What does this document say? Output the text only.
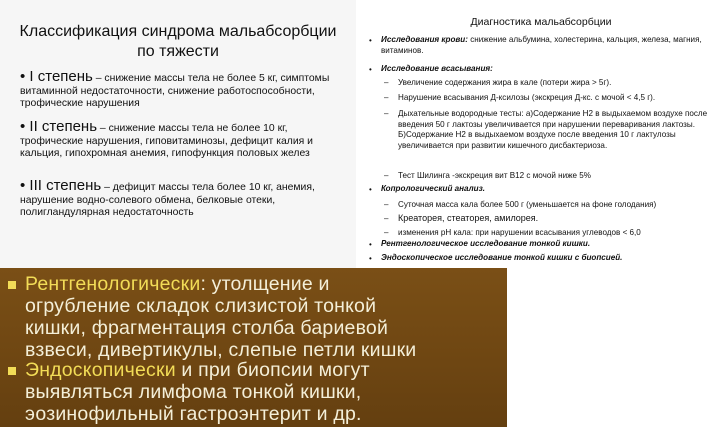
Классификация синдрома мальабсорбции
по тяжести
• I степень – снижение массы тела не более 5 кг, симптомы витаминной недостаточности, снижение работоспособности, трофические нарушения
• II степень – снижение массы тела не более 10 кг, трофические нарушения, гиповитаминозы, дефицит калия и кальция, гипохромная анемия, гипофункция половых желез
• III степень – дефицит массы тела более 10 кг, анемия, нарушение водно-солевого обмена, белковые отеки, полигландулярная недостаточность
Диагностика мальабсорбции
• Исследования крови: снижение альбумина, холестерина, кальция, железа, магния, витаминов.
• Исследование всасывания:
– Увеличение содержания жира в кале (потери жира > 5г).
– Нарушение всасывания Д-ксилозы (экскреция Д-кс. с мочой < 4,5 г).
– Дыхательные водородные тесты: а)Содержание Н2 в выдыхаемом воздухе после введения 50 г лактозы увеличивается при нарушении переваривания лактозы. Б)Содержание Н2 в выдыхаемом воздухе после введения 10 г лактулозы увеличивается при развитии кишечного дисбактериоза.
– Тест Шилинга -экскреция вит В12 с мочой ниже 5%
• Копрологический анализ.
– Суточная масса кала более 500 г (уменьшается на фоне голодания)
– Креаторея, стеаторея, амилорея.
– изменения рН кала: при нарушении всасывания углеводов < 6,0
• Рентгенологическое исследование тонкой кишки.
• Эндоскопическое исследование тонкой кишки с биопсией.
Рентгенологически: утолщение и
огрубление складок слизистой тонкой
кишки, фрагментация столба бариевой
взвеси, дивертикулы, слепые петли кишки
Эндоскопически и при биопсии могут
выявляться лимфома тонкой кишки,
эозинофильный гастроэнтерит и др.
